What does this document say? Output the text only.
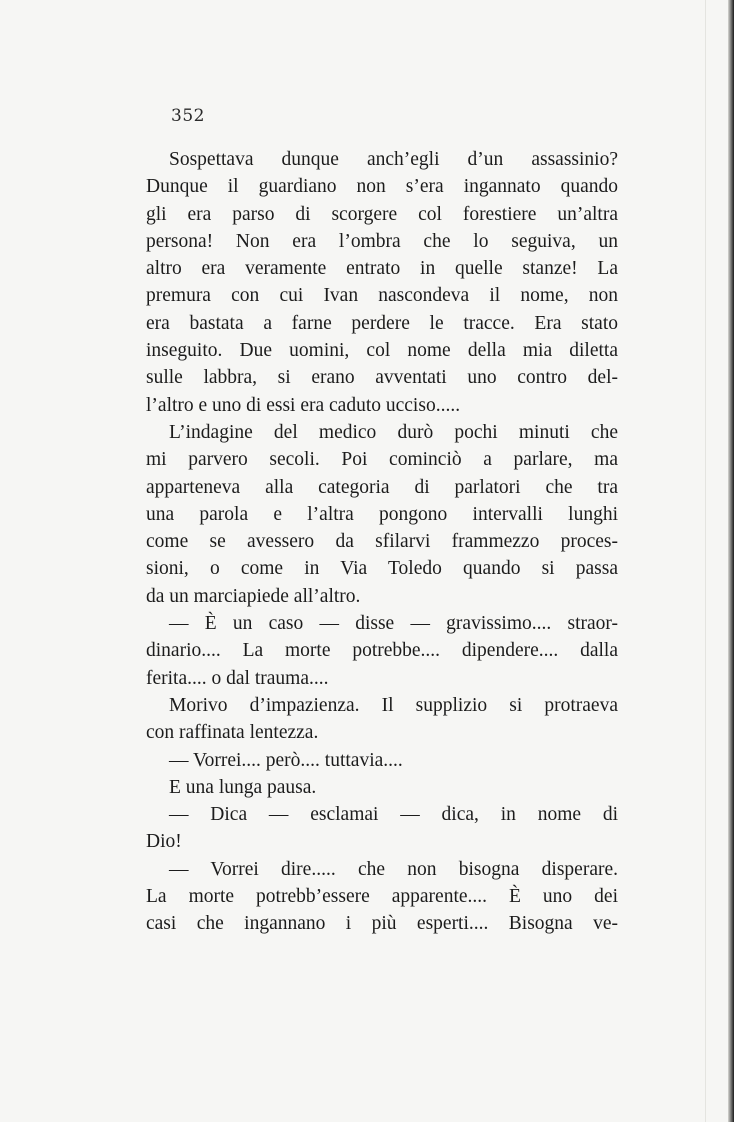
352
Sospettava dunque anch’egli d’un assassinio?
Dunque il guardiano non s’era ingannato quando
gli era parso di scorgere col forestiere un’altra
persona! Non era l’ombra che lo seguiva, un
altro era veramente entrato in quelle stanze! La
premura con cui Ivan nascondeva il nome, non
era bastata a farne perdere le tracce. Era stato
inseguito. Due uomini, col nome della mia diletta
sulle labbra, si erano avventati uno contro del-
l’altro e uno di essi era caduto ucciso.....
L’indagine del medico durò pochi minuti che
mi parvero secoli. Poi cominciò a parlare, ma
apparteneva alla categoria di parlatori che tra
una parola e l’altra pongono intervalli lunghi
come se avessero da sfilarvi frammezzo proces-
sioni, o come in Via Toledo quando si passa
da un marciapiede all’altro.
— È un caso — disse — gravissimo.... straor-
dinario.... La morte potrebbe.... dipendere.... dalla
ferita.... o dal trauma....
Morivo d’impazienza. Il supplizio si protraeva
con raffinata lentezza.
— Vorrei.... però.... tuttavia....
E una lunga pausa.
— Dica — esclamai — dica, in nome di
Dio!
— Vorrei dire..... che non bisogna disperare.
La morte potrebb’essere apparente.... È uno dei
casi che ingannano i più esperti.... Bisogna ve-
